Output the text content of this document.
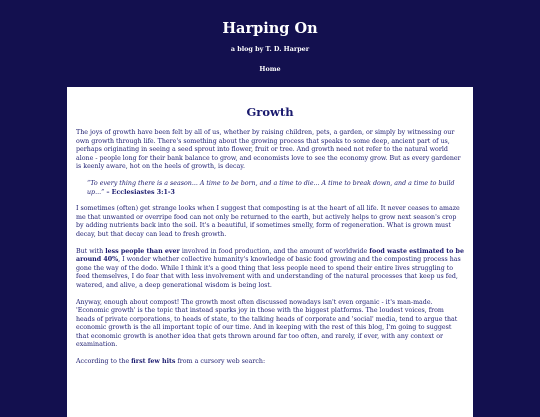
Harping On
a blog by T. D. Harper
Home
Growth

The joys of growth have been felt by all of us, whether by raising children, pets, a garden, or simply by witnessing our own growth through life. There's something about the growing process that speaks to some deep, ancient part of us, perhaps originating in seeing a seed sprout into flower, fruit or tree. And growth need not refer to the natural world alone - people long for their bank balance to grow, and economists love to see the economy grow. But as every gardener is keenly aware, hot on the heels of growth, is decay.

“To every thing there is a season... A time to be born, and a time to die... A time to break down, and a time to build up...” – Ecclesiastes 3:1-3

I sometimes (often) get strange looks when I suggest that composting is at the heart of all life. It never ceases to amaze me that unwanted or overripe food can not only be returned to the earth, but actively helps to grow next season's crop by adding nutrients back into the soil. It's a beautiful, if sometimes smelly, form of regeneration. What is grown must decay, but that decay can lead to fresh growth.

But with less people than ever involved in food production, and the amount of worldwide food waste estimated to be around 40%, I wonder whether collective humanity's knowledge of basic food growing and the composting process has gone the way of the dodo. While I think it's a good thing that less people need to spend their entire lives struggling to feed themselves, I do fear that with less involvement with and understanding of the natural processes that keep us fed, watered, and alive, a deep generational wisdom is being lost.

Anyway, enough about compost! The growth most often discussed nowadays isn't even organic - it's man-made. 'Economic growth' is the topic that instead sparks joy in those with the biggest platforms. The loudest voices, from heads of private corporations, to heads of state, to the talking heads of corporate and 'social' media, tend to argue that economic growth is the all important topic of our time. And in keeping with the rest of this blog, I'm going to suggest that economic growth is another idea that gets thrown around far too often, and rarely, if ever, with any context or examination.

According to the first few hits from a cursory web search:
